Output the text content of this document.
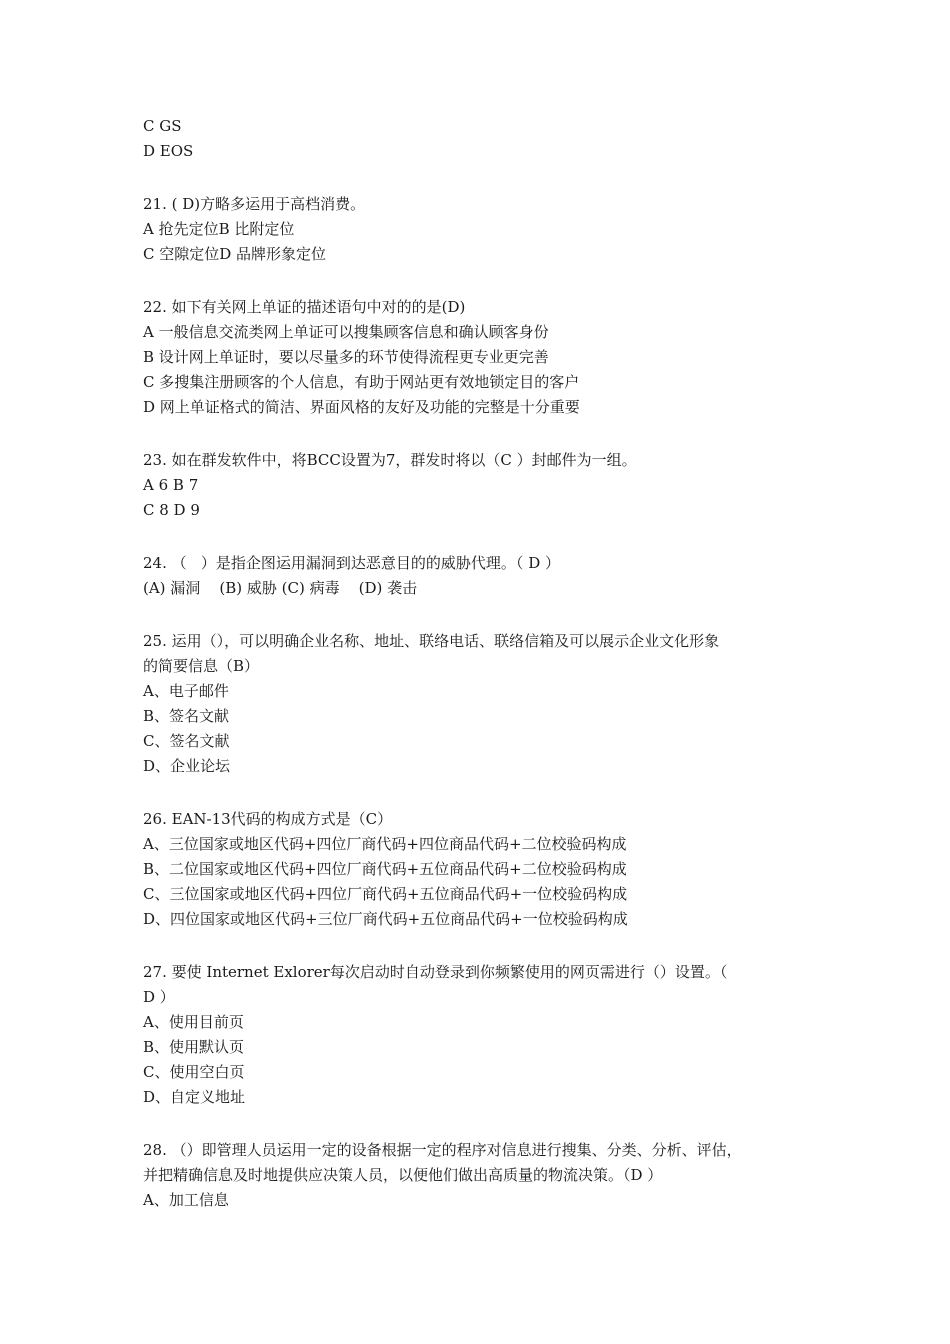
C GS
D EOS
21. ( D)方略多运用于高档消费。
A 抢先定位B 比附定位
C 空隙定位D 品牌形象定位
22. 如下有关网上单证的描述语句中对的的是(D)
A 一般信息交流类网上单证可以搜集顾客信息和确认顾客身份
B 设计网上单证时，要以尽量多的环节使得流程更专业更完善
C 多搜集注册顾客的个人信息，有助于网站更有效地锁定目的客户
D 网上单证格式的简洁、界面风格的友好及功能的完整是十分重要
23. 如在群发软件中，将BCC设置为7，群发时将以（C ）封邮件为一组。
A 6 B 7
C 8 D 9
24. （   ）是指企图运用漏洞到达恶意目的的威胁代理。（ D ）
(A) 漏洞    (B) 威胁 (C) 病毒    (D) 袭击
25. 运用（），可以明确企业名称、地址、联络电话、联络信箱及可以展示企业文化形象
的简要信息（B）
A、电子邮件
B、签名文献
C、签名文献
D、企业论坛
26. EAN-13代码的构成方式是（C）
A、三位国家或地区代码+四位厂商代码+四位商品代码+二位校验码构成
B、二位国家或地区代码+四位厂商代码+五位商品代码+二位校验码构成
C、三位国家或地区代码+四位厂商代码+五位商品代码+一位校验码构成
D、四位国家或地区代码+三位厂商代码+五位商品代码+一位校验码构成
27. 要使 Internet Exlorer每次启动时自动登录到你频繁使用的网页需进行（）设置。（
D ）
A、使用目前页
B、使用默认页
C、使用空白页
D、自定义地址
28. （）即管理人员运用一定的设备根据一定的程序对信息进行搜集、分类、分析、评估，
并把精确信息及时地提供应决策人员，以便他们做出高质量的物流决策。（D ）
A、加工信息
